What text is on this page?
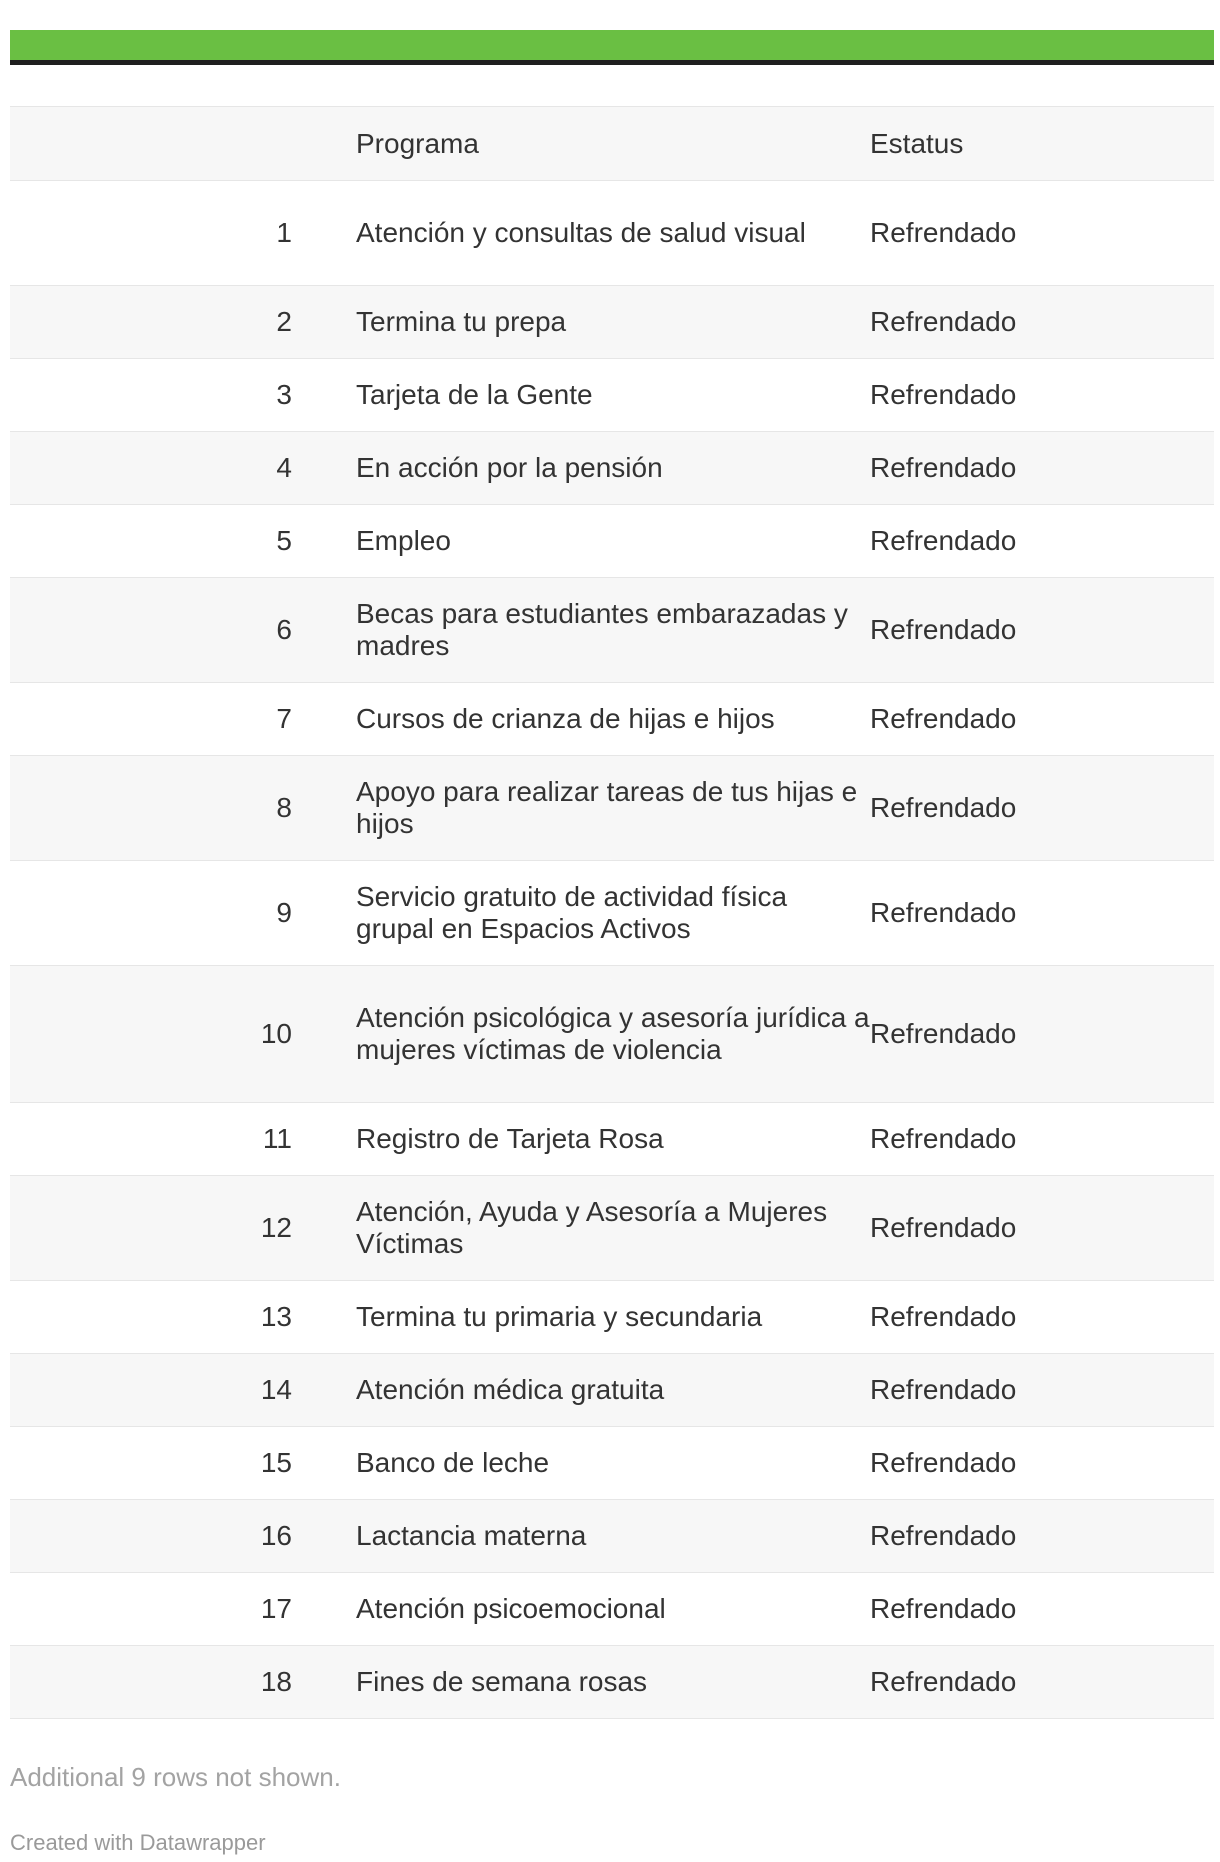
		Programa	Estatus
1		Atención y consultas de salud visual	Refrendado
2		Termina tu prepa	Refrendado
3		Tarjeta de la Gente	Refrendado
4		En acción por la pensión	Refrendado
5		Empleo	Refrendado
6		Becas para estudiantes embarazadas y madres	Refrendado
7		Cursos de crianza de hijas e hijos	Refrendado
8		Apoyo para realizar tareas de tus hijas e hijos	Refrendado
9		Servicio gratuito de actividad física grupal en Espacios Activos	Refrendado
10		Atención psicológica y asesoría jurídica a mujeres víctimas de violencia	Refrendado
11		Registro de Tarjeta Rosa	Refrendado
12		Atención, Ayuda y Asesoría a Mujeres Víctimas	Refrendado
13		Termina tu primaria y secundaria	Refrendado
14		Atención médica gratuita	Refrendado
15		Banco de leche	Refrendado
16		Lactancia materna	Refrendado
17		Atención psicoemocional	Refrendado
18		Fines de semana rosas	Refrendado
Additional 9 rows not shown.
Created with Datawrapper
